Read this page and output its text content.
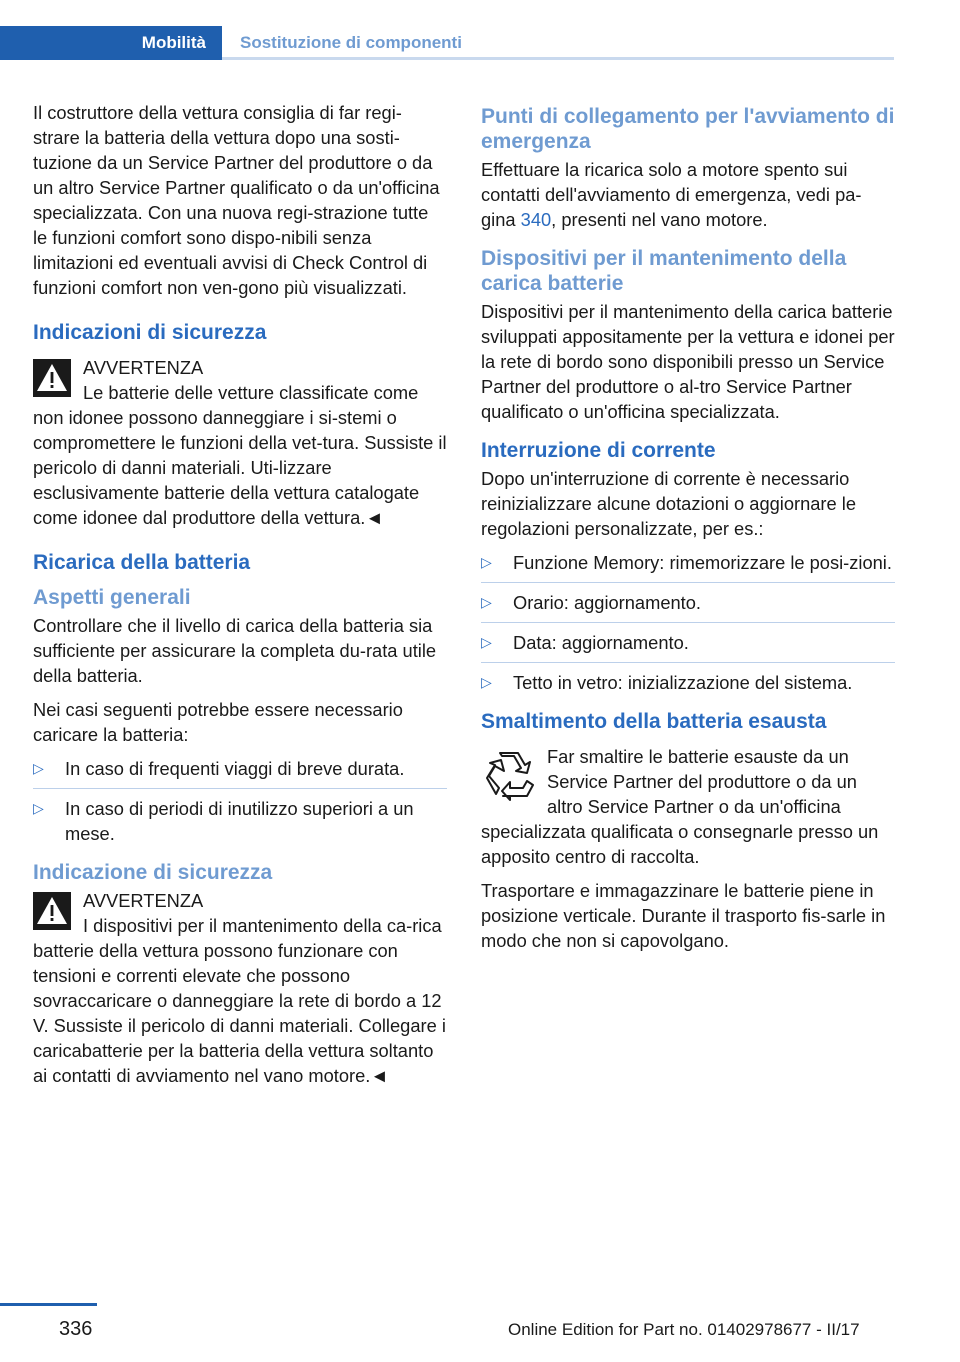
Mobilità	Sostituzione di componenti

Il costruttore della vettura consiglia di far regi-strare la batteria della vettura dopo una sosti-tuzione da un Service Partner del produttore o da un altro Service Partner qualificato o da un'officina specializzata. Con una nuova regi-strazione tutte le funzioni comfort sono dispo-nibili senza limitazioni ed eventuali avvisi di Check Control di funzioni comfort non ven-gono più visualizzati.

Indicazioni di sicurezza
AVVERTENZA
Le batterie delle vetture classificate come non idonee possono danneggiare i si-stemi o compromettere le funzioni della vet-tura. Sussiste il pericolo di danni materiali. Uti-lizzare esclusivamente batterie della vettura catalogate come idonee dal produttore della vettura.◄
Ricarica della batteria
Aspetti generali

Controllare che il livello di carica della batteria sia sufficiente per assicurare la completa du-rata utile della batteria.

Nei casi seguenti potrebbe essere necessario caricare la batteria:

▷ In caso di frequenti viaggi di breve durata.
▷ In caso di periodi di inutilizzo superiori a un mese.
Indicazione di sicurezza
AVVERTENZA
I dispositivi per il mantenimento della ca-rica batterie della vettura possono funzionare con tensioni e correnti elevate che possono sovraccaricare o danneggiare la rete di bordo a 12 V. Sussiste il pericolo di danni materiali. Collegare i caricabatterie per la batteria della vettura soltanto ai contatti di avviamento nel vano motore.◄
Punti di collegamento per l'avviamento di emergenza

Effettuare la ricarica solo a motore spento sui contatti dell'avviamento di emergenza, vedi pa-gina 340, presenti nel vano motore.

Dispositivi per il mantenimento della carica batterie

Dispositivi per il mantenimento della carica batterie sviluppati appositamente per la vettura e idonei per la rete di bordo sono disponibili presso un Service Partner del produttore o al-tro Service Partner qualificato o un'officina specializzata.

Interruzione di corrente

Dopo un'interruzione di corrente è necessario reinizializzare alcune dotazioni o aggiornare le regolazioni personalizzate, per es.:

▷ Funzione Memory: rimemorizzare le posi-zioni.
▷ Orario: aggiornamento.
▷ Data: aggiornamento.
▷ Tetto in vetro: inizializzazione del sistema.
Smaltimento della batteria esausta
Far smaltire le batterie esauste da un Service Partner del produttore o da un altro Service Partner o da un'officina specializzata qualificata o consegnarle presso un apposito centro di raccolta.

Trasportare e immagazzinare le batterie piene in posizione verticale. Durante il trasporto fis-sarle in modo che non si capovolgano.

336	Online Edition for Part no. 01402978677 - II/17
